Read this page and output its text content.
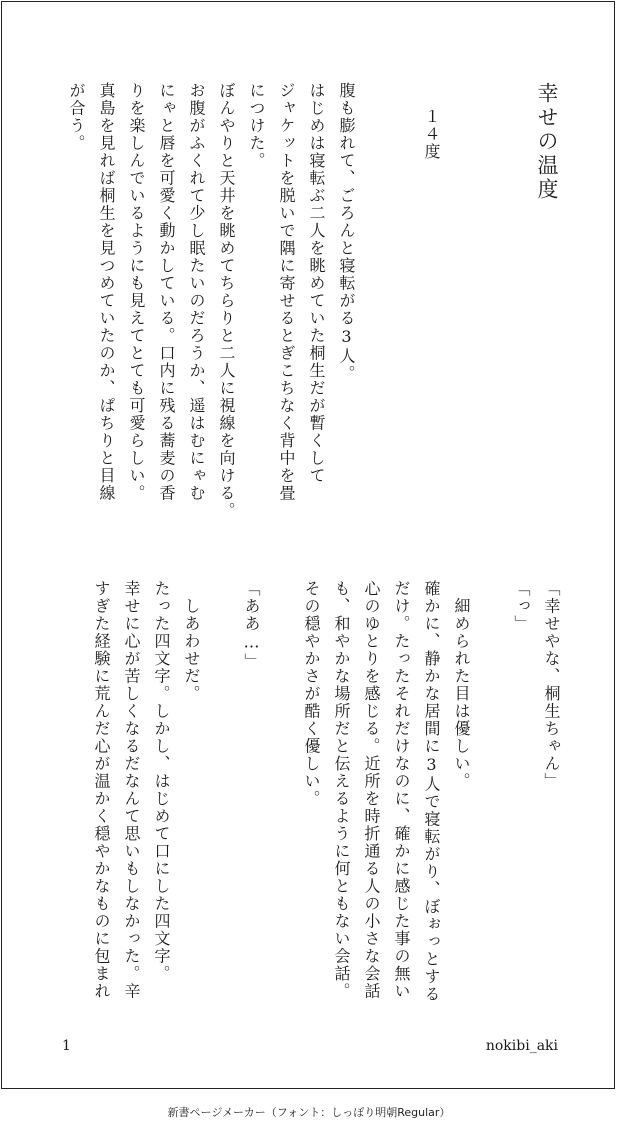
幸せの温度
１４度
腹も膨れて、ごろんと寝転がる3人。
はじめは寝転ぶ二人を眺めていた桐生だが暫くして
ジャケットを脱いで隅に寄せるとぎこちなく背中を畳
につけた。
ぼんやりと天井を眺めてちらりと二人に視線を向ける。
お腹がふくれて少し眠たいのだろうか、遥はむにゃむ
にゃと唇を可愛く動かしている。口内に残る蕎麦の香
りを楽しんでいるようにも見えてとても可愛らしい。
真島を見れば桐生を見つめていたのか、ぱちりと目線
が合う。
「幸せやな、桐生ちゃん」
「っ」
　細められた目は優しい。
確かに、静かな居間に3人で寝転がり、ぼぉっとする
だけ。たったそれだけなのに、確かに感じた事の無い
心のゆとりを感じる。近所を時折通る人の小さな会話
も、和やかな場所だと伝えるように何ともない会話。
その穏やかさが酷く優しい。
「ああ…」
　しあわせだ。
たった四文字。しかし、はじめて口にした四文字。
幸せに心が苦しくなるだなんて思いもしなかった。辛
すぎた経験に荒んだ心が温かく穏やかなものに包まれ
1	nokibi_aki
新書ページメーカー（フォント：しっぽり明朝Regular）
